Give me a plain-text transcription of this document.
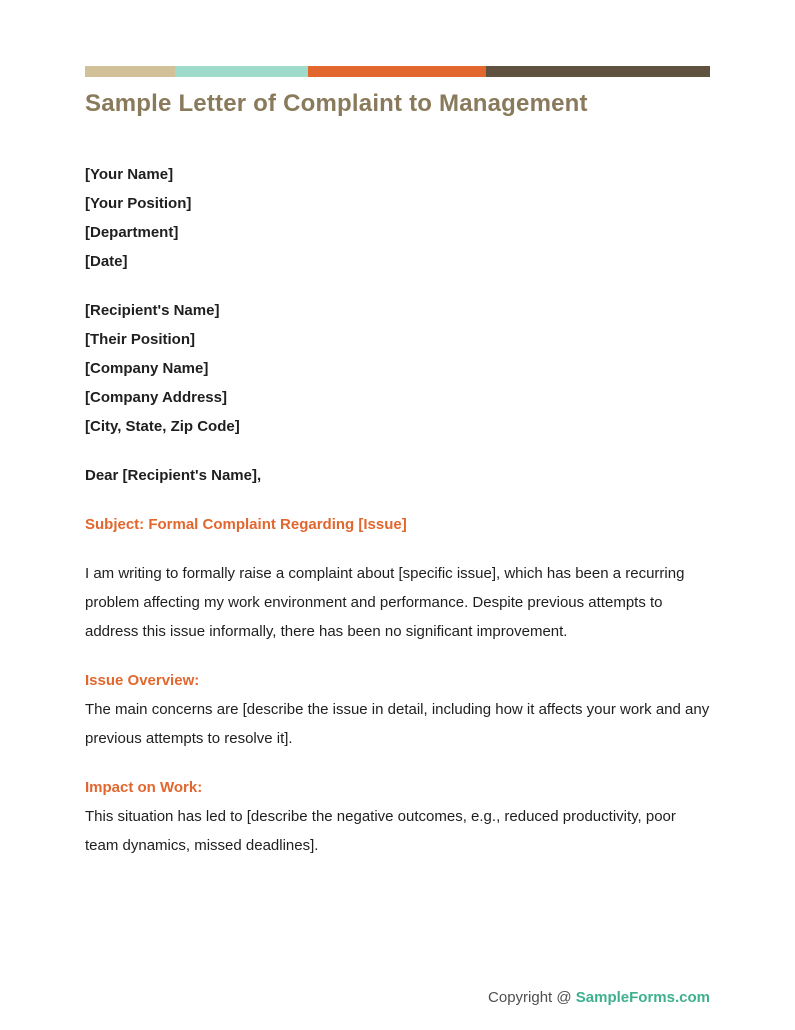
Sample Letter of Complaint to Management
[Your Name]
[Your Position]
[Department]
[Date]
[Recipient's Name]
[Their Position]
[Company Name]
[Company Address]
[City, State, Zip Code]
Dear [Recipient's Name],
Subject: Formal Complaint Regarding [Issue]

I am writing to formally raise a complaint about [specific issue], which has been a recurring problem affecting my work environment and performance. Despite previous attempts to address this issue informally, there has been no significant improvement.

Issue Overview:

The main concerns are [describe the issue in detail, including how it affects your work and any previous attempts to resolve it].

Impact on Work:

This situation has led to [describe the negative outcomes, e.g., reduced productivity, poor team dynamics, missed deadlines].

Copyright @ SampleForms.com
